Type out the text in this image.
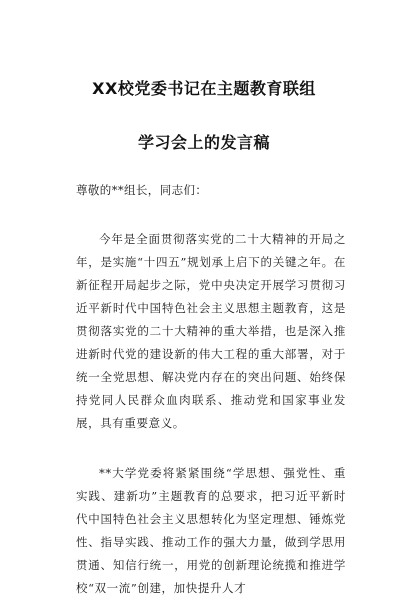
XX校党委书记在主题教育联组
学习会上的发言稿
尊敬的**组长，同志们：

今年是全面贯彻落实党的二十大精神的开局之年，是实施“十四五”规划承上启下的关键之年。在新征程开局起步之际，党中央决定开展学习贯彻习近平新时代中国特色社会主义思想主题教育，这是贯彻落实党的二十大精神的重大举措，也是深入推进新时代党的建设新的伟大工程的重大部署，对于统一全党思想、解决党内存在的突出问题、始终保持党同人民群众血肉联系、推动党和国家事业发展，具有重要意义。

**大学党委将紧紧围绕“学思想、强党性、重实践、建新功”主题教育的总要求，把习近平新时代中国特色社会主义思想转化为坚定理想、锤炼党性、指导实践、推动工作的强大力量，做到学思用贯通、知信行统一，用党的创新理论统揽和推进学校“双一流”创建，加快提升人才
